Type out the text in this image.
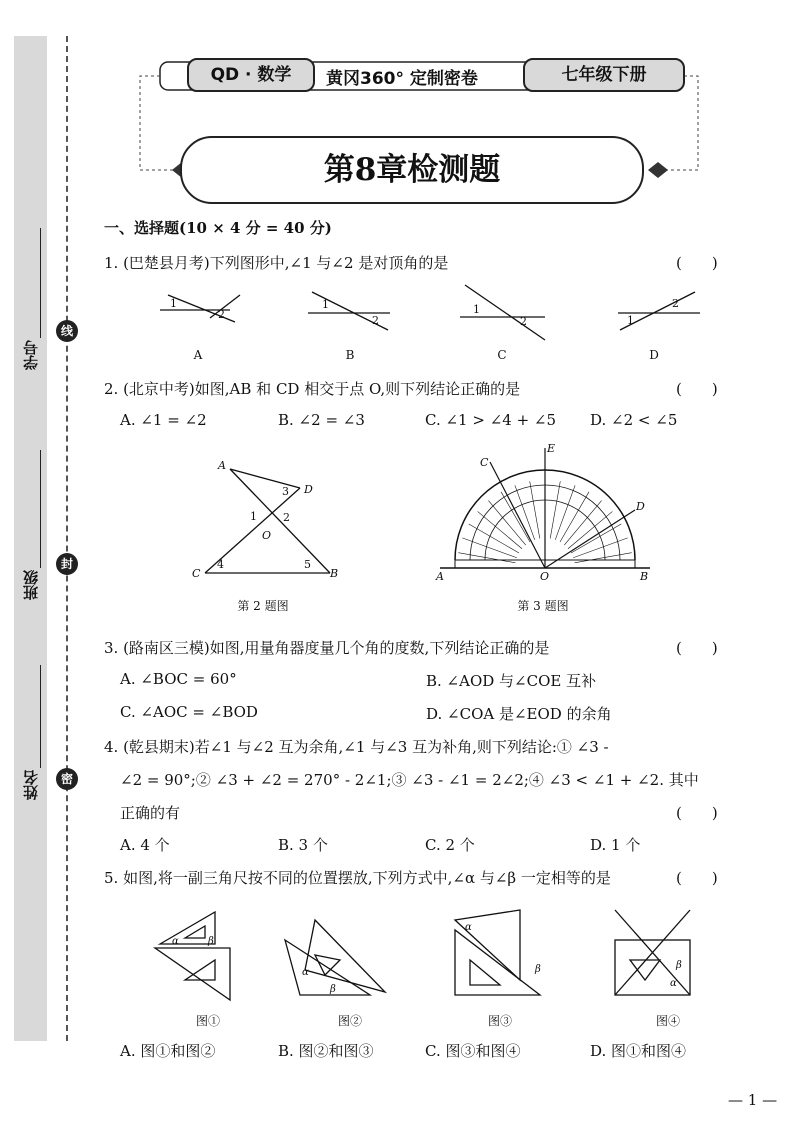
学号
班级
姓名
线
封
密
QD · 数学	黄冈360° 定制密卷	七年级下册
第8章检测题
一、选择题(10 × 4 分 = 40 分)
1. (巴楚县月考)下列图形中,∠1 与∠2 是对顶角的是	(　　)
1
2
1
2
1
2	1
2
A	B	C	D
2. (北京中考)如图,AB 和 CD 相交于点 O,则下列结论正确的是	(　　)
A. ∠1 = ∠2	B. ∠2 = ∠3	C. ∠1 > ∠4 + ∠5 D. ∠2 < ∠5
A
D
C	B
O
3
1 2
4	5
第 2 题图
A	O	B
C
E
D
第 3 题图
3. (路南区三模)如图,用量角器度量几个角的度数,下列结论正确的是	(　　)
A. ∠BOC = 60°	B. ∠AOD 与∠COE 互补
C. ∠AOC = ∠BOD	D. ∠COA 是∠EOD 的余角
4. (乾县期末)若∠1 与∠2 互为余角,∠1 与∠3 互为补角,则下列结论:① ∠3 -
∠2 = 90°;② ∠3 + ∠2 = 270° - 2∠1;③ ∠3 - ∠1 = 2∠2;④ ∠3 < ∠1 + ∠2. 其中
正确的有	(　　)
A. 4 个	B. 3 个	C. 2 个	D. 1 个
5. 如图,将一副三角尺按不同的位置摆放,下列方式中,∠α 与∠β 一定相等的是	(　　)
α	β
α
β
α
β	β
α
图①	图②	图③	图④
A. 图①和图②	B. 图②和图③	C. 图③和图④	D. 图①和图④
— 1 —
